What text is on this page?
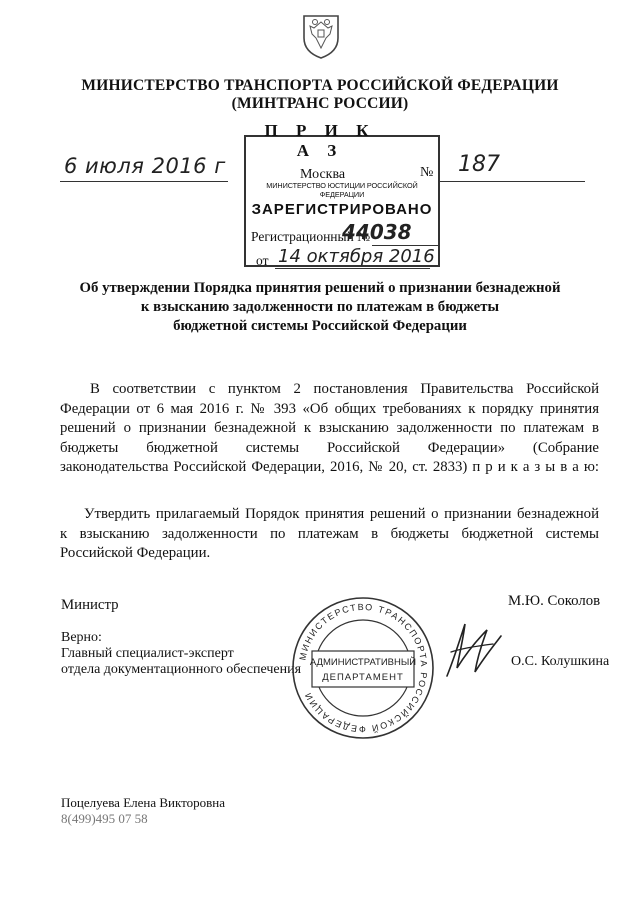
МИНИСТЕРСТВО ТРАНСПОРТА РОССИЙСКОЙ ФЕДЕРАЦИИ
(МИНТРАНС РОССИИ)
П Р И К А З
6 июля 2016 г	Москва	№ 187
МИНИСТЕРСТВО ЮСТИЦИИ РОССИЙСКОЙ ФЕДЕРАЦИИ
ЗАРЕГИСТРИРОВАНО
Регистрационный №
44038
от 14 октября 2016
Об утверждении Порядка принятия решений о признании безнадежной
к взысканию задолженности по платежам в бюджеты
бюджетной системы Российской Федерации
В соответствии с пунктом 2 постановления Правительства Российской
Федерации от 6 мая 2016 г. № 393 «Об общих требованиях к порядку принятия
решений о признании безнадежной к взысканию задолженности по платежам в
бюджеты бюджетной системы Российской Федерации» (Собрание
законодательства Российской Федерации, 2016, № 20, ст. 2833) п р и к а з ы в а ю:
Утвердить прилагаемый Порядок принятия решений о признании безнадежной
к взысканию задолженности по платежам в бюджеты бюджетной системы
Российской Федерации.
Министр	М.Ю. Соколов
Верно:
Главный специалист-эксперт
отдела документационного обеспечения
МИНИСТЕРСТВО ТРАНСПОРТА РОССИЙСКОЙ ФЕДЕРАЦИИ
АДМИНИСТРАТИВНЫЙ
ДЕПАРТАМЕНТ
О.С. Колушкина
Поцелуева Елена Викторовна
8(499)495 07 58
